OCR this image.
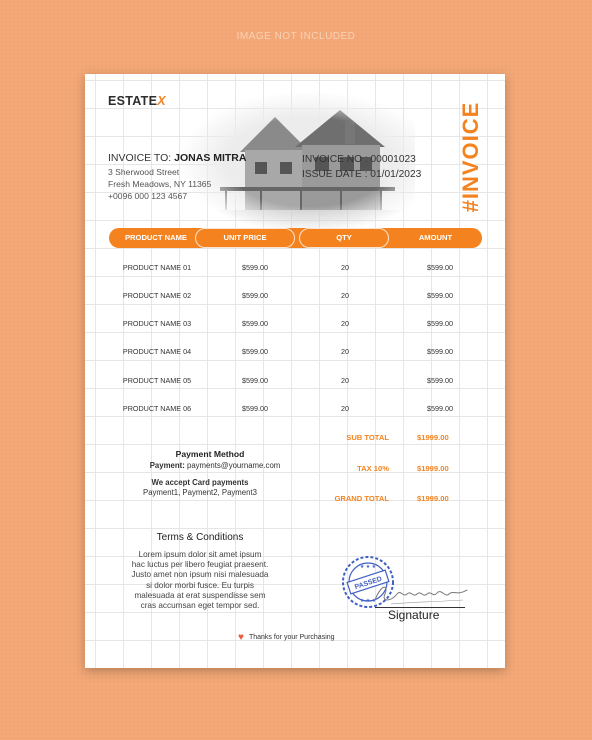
IMAGE NOT INCLUDED
ESTATEX
#INVOICE
INVOICE TO: JONAS MITRA
3 Sherwood Street
Fresh Meadows, NY 11365
+0096 000 123 4567
INVOICE NO : 00001023
ISSUE DATE : 01/01/2023
PRODUCT NAME	UNIT PRICE	QTY	AMOUNT
PRODUCT NAME 01	$599.00	20	$599.00
PRODUCT NAME 02	$599.00	20	$599.00
PRODUCT NAME 03	$599.00	20	$599.00
PRODUCT NAME 04	$599.00	20	$599.00
PRODUCT NAME 05	$599.00	20	$599.00
PRODUCT NAME 06	$599.00	20	$599.00
SUB TOTAL	$1999.00
TAX 10%	$1999.00
GRAND TOTAL	$1999.00
Payment Method
Payment: payments@yourname.com
We accept Card payments
Payment1, Payment2, Payment3
Terms & Conditions
Lorem ipsum dolor sit amet ipsum
hac luctus per libero feugiat praesent.
Justo amet non ipsum nisi malesuada
si dolor morbi fusce. Eu turpis
malesuada at erat suspendisse sem
cras accumsan eget tempor sed.
PASSED
★ ★ ★
★ ★ ★
Signature
♥ Thanks for your Purchasing
